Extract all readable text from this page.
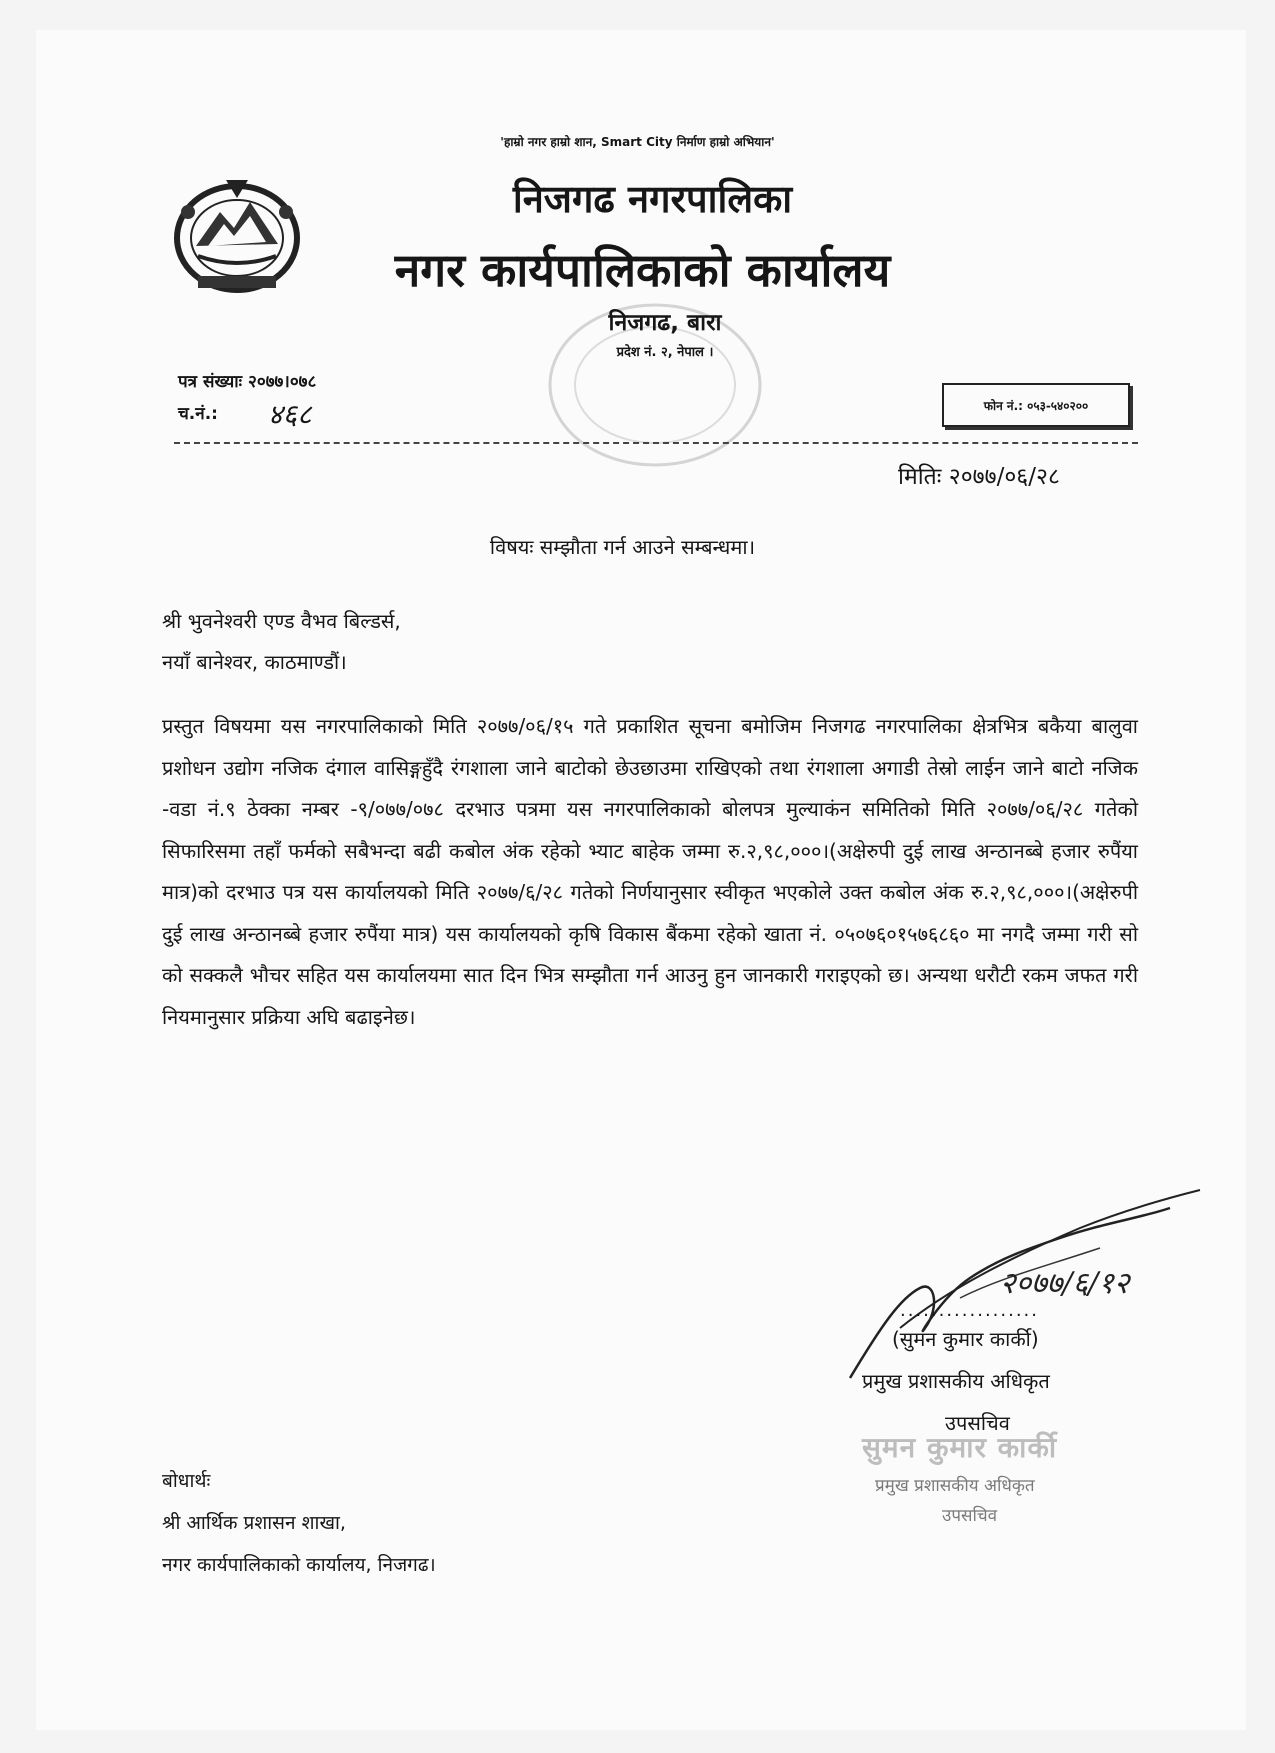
'हाम्रो नगर हाम्रो शान, Smart City निर्माण हाम्रो अभियान'
निजगढ नगरपालिका
नगर कार्यपालिकाको कार्यालय
निजगढ, बारा
प्रदेश नं. २, नेपाल ।
पत्र संख्याः २०७७।०७८
च.नं.: ४६८	फोन नं.: ०५३-५४०२००
मितिः २०७७/०६/२८
विषयः सम्झौता गर्न आउने सम्बन्धमा।
श्री भुवनेश्वरी एण्ड वैभव बिल्डर्स,
नयाँ बानेश्वर, काठमाण्डौं।
प्रस्तुत विषयमा यस नगरपालिकाको मिति २०७७/०६/१५ गते प्रकाशित सूचना बमोजिम निजगढ नगरपालिका क्षेत्रभित्र बकैया बालुवा प्रशोधन उद्योग नजिक दंगाल वासिङ्गहुँदै रंगशाला जाने बाटोको छेउछाउमा राखिएको तथा रंगशाला अगाडी तेस्रो लाईन जाने बाटो नजिक -वडा नं.९ ठेक्का नम्बर -९/०७७/०७८ दरभाउ पत्रमा यस नगरपालिकाको बोलपत्र मुल्याकंन समितिको मिति २०७७/०६/२८ गतेको सिफारिसमा तहाँ फर्मको सबैभन्दा बढी कबोल अंक रहेको भ्याट बाहेक जम्मा रु.२,९८,०००।(अक्षेरुपी दुई लाख अन्ठानब्बे हजार रुपैंया मात्र)को दरभाउ पत्र यस कार्यालयको मिति २०७७/६/२८ गतेको निर्णयानुसार स्वीकृत भएकोले उक्त कबोल अंक रु.२,९८,०००।(अक्षेरुपी दुई लाख अन्ठानब्बे हजार रुपैंया मात्र) यस कार्यालयको कृषि विकास बैंकमा रहेको खाता नं. ०५०७६०१५७६८६० मा नगदै जम्मा गरी सो को सक्कलै भौचर सहित यस कार्यालयमा सात दिन भित्र सम्झौता गर्न आउनु हुन जानकारी गराइएको छ। अन्यथा धरौटी रकम जफत गरी नियमानुसार प्रक्रिया अघि बढाइनेछ।
२०७७/६/१२
..................
(सुमन कुमार कार्की)
प्रमुख प्रशासकीय अधिकृत
उपसचिव
सुमन कुमार कार्की
प्रमुख प्रशासकीय अधिकृत
उपसचिव
बोधार्थः
श्री आर्थिक प्रशासन शाखा,
नगर कार्यपालिकाको कार्यालय, निजगढ।
